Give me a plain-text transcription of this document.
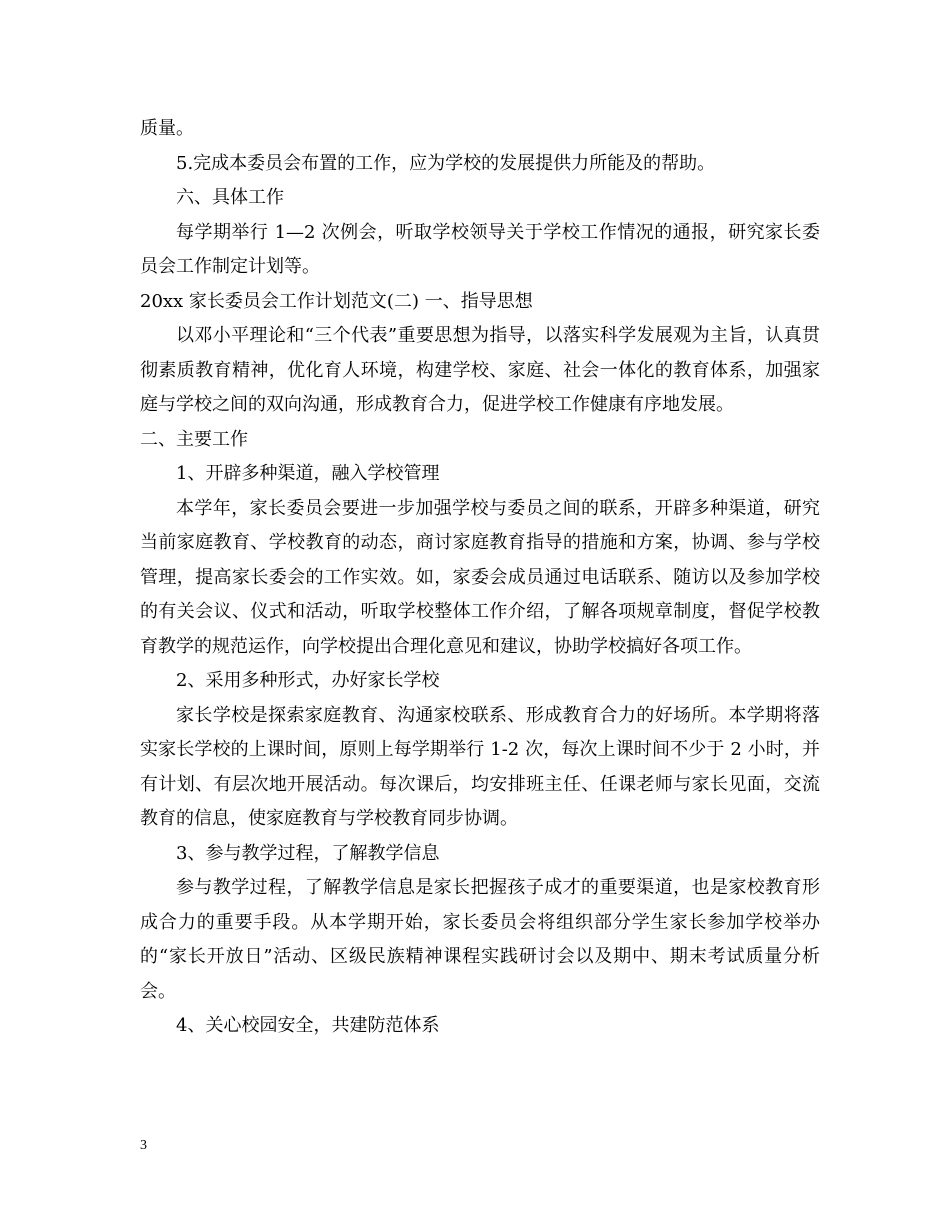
质量。

5.完成本委员会布置的工作，应为学校的发展提供力所能及的帮助。

六、具体工作

每学期举行 1—2 次例会，听取学校领导关于学校工作情况的通报，研究家长委员会工作制定计划等。

20xx 家长委员会工作计划范文(二) 一、指导思想

以邓小平理论和“三个代表”重要思想为指导，以落实科学发展观为主旨，认真贯彻素质教育精神，优化育人环境，构建学校、家庭、社会一体化的教育体系，加强家庭与学校之间的双向沟通，形成教育合力，促进学校工作健康有序地发展。

二、主要工作

1、开辟多种渠道，融入学校管理

本学年，家长委员会要进一步加强学校与委员之间的联系，开辟多种渠道，研究当前家庭教育、学校教育的动态，商讨家庭教育指导的措施和方案，协调、参与学校管理，提高家长委会的工作实效。如，家委会成员通过电话联系、随访以及参加学校的有关会议、仪式和活动，听取学校整体工作介绍，了解各项规章制度，督促学校教育教学的规范运作，向学校提出合理化意见和建议，协助学校搞好各项工作。

2、采用多种形式，办好家长学校

家长学校是探索家庭教育、沟通家校联系、形成教育合力的好场所。本学期将落实家长学校的上课时间，原则上每学期举行 1-2 次，每次上课时间不少于 2 小时，并有计划、有层次地开展活动。每次课后，均安排班主任、任课老师与家长见面，交流教育的信息，使家庭教育与学校教育同步协调。

3、参与教学过程，了解教学信息

参与教学过程，了解教学信息是家长把握孩子成才的重要渠道，也是家校教育形成合力的重要手段。从本学期开始，家长委员会将组织部分学生家长参加学校举办的“家长开放日”活动、区级民族精神课程实践研讨会以及期中、期末考试质量分析会。

4、关心校园安全，共建防范体系

3
